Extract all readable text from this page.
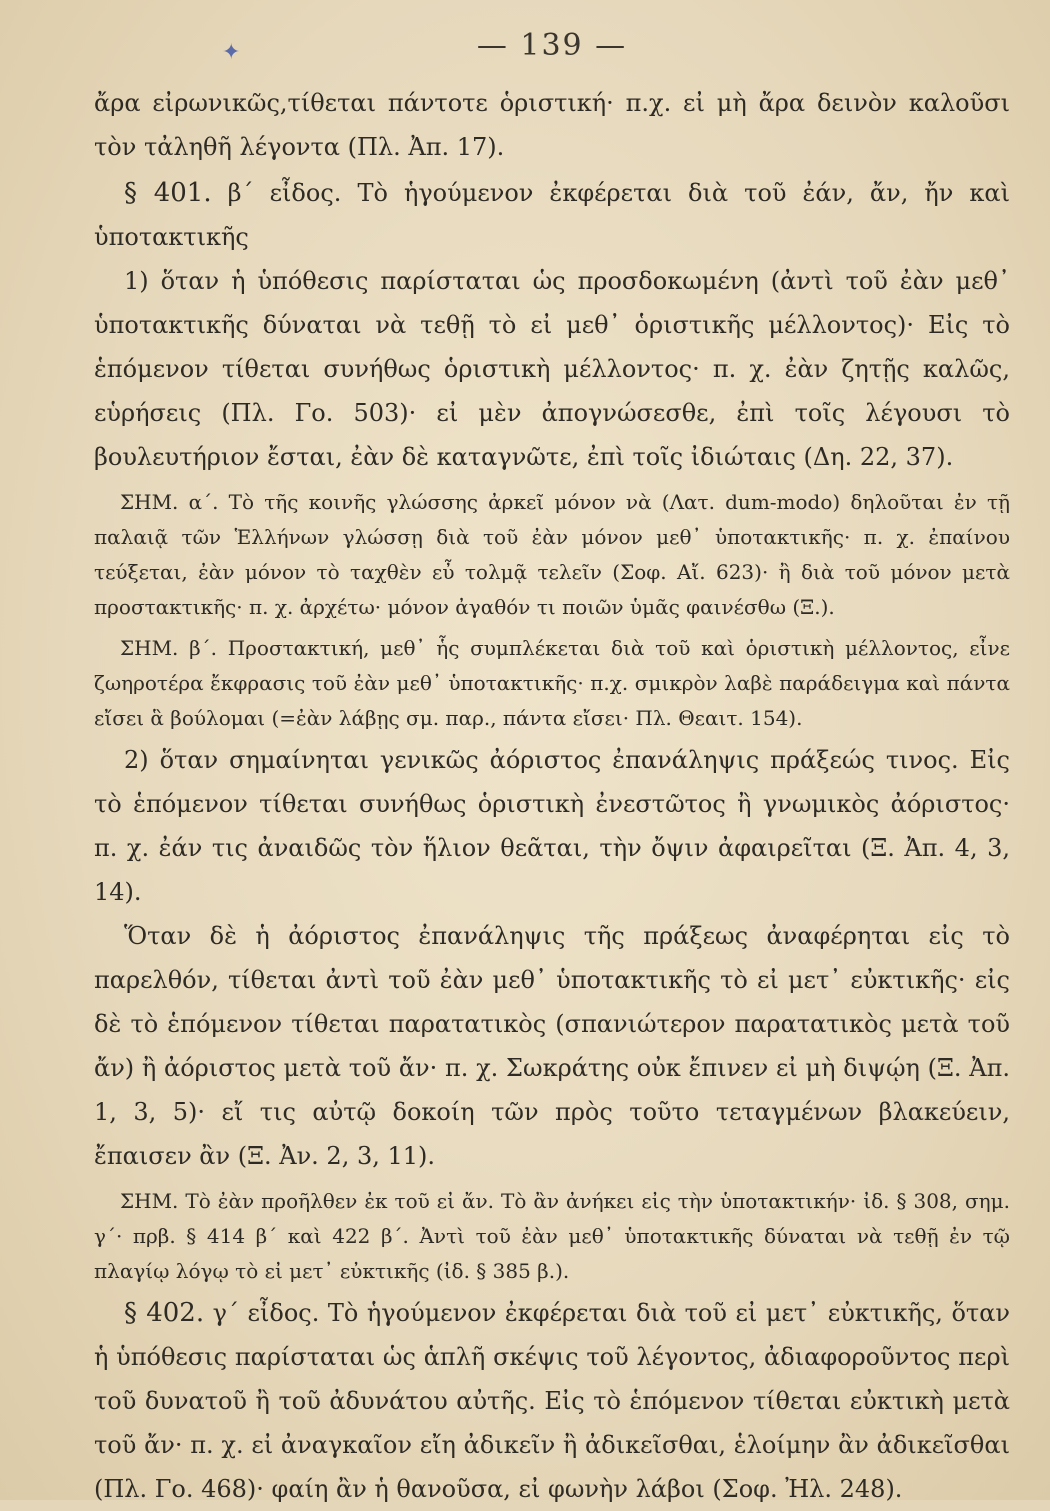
✦	— 139 —

ἄρα εἰρωνικῶς,τίθεται πάντοτε ὁριστική· π.χ. εἰ μὴ ἄρα δεινὸν καλοῦσι τὸν τἀληθῆ λέγοντα (Πλ. Ἀπ. 17).

§ 401. β΄ εἶδος. Τὸ ἡγούμενον ἐκφέρεται διὰ τοῦ ἐάν, ἄν, ἤν καὶ ὑποτακτικῆς

1) ὅταν ἡ ὑπόθεσις παρίσταται ὡς προσδοκωμένη (ἀντὶ τοῦ ἐὰν μεθ᾽ ὑποτακτικῆς δύναται νὰ τεθῇ τὸ εἰ μεθ᾽ ὁριστικῆς μέλλοντος)· Εἰς τὸ ἑπόμενον τίθεται συνήθως ὁριστικὴ μέλλοντος· π. χ. ἐὰν ζητῇς καλῶς, εὑρήσεις (Πλ. Γο. 503)· εἰ μὲν ἀπογνώσεσθε, ἐπὶ τοῖς λέγουσι τὸ βουλευτήριον ἔσται, ἐὰν δὲ καταγνῶτε, ἐπὶ τοῖς ἰδιώταις (Δη. 22, 37).

ΣΗΜ. α΄. Τὸ τῆς κοινῆς γλώσσης ἀρκεῖ μόνον νὰ (Λατ. dum-modo) δηλοῦται ἐν τῇ παλαιᾷ τῶν Ἑλλήνων γλώσσῃ διὰ τοῦ ἐὰν μόνον μεθ᾽ ὑποτακτικῆς· π. χ. ἐπαίνου τεύξεται, ἐὰν μόνον τὸ ταχθὲν εὖ τολμᾷ τελεῖν (Σοφ. Αἴ. 623)· ἢ διὰ τοῦ μόνον μετὰ προστακτικῆς· π. χ. ἀρχέτω· μόνον ἀγαθόν τι ποιῶν ὑμᾶς φαινέσθω (Ξ.).

ΣΗΜ. β΄. Προστακτική, μεθ᾽ ἧς συμπλέκεται διὰ τοῦ καὶ ὁριστικὴ μέλλοντος, εἶνε ζωηροτέρα ἔκφρασις τοῦ ἐὰν μεθ᾽ ὑποτακτικῆς· π.χ. σμικρὸν λαβὲ παράδειγμα καὶ πάντα εἴσει ἃ βούλομαι (=ἐὰν λάβῃς σμ. παρ., πάντα εἴσει· Πλ. Θεαιτ. 154).

2) ὅταν σημαίνηται γενικῶς ἀόριστος ἐπανάληψις πράξεώς τινος. Εἰς τὸ ἑπόμενον τίθεται συνήθως ὁριστικὴ ἐνεστῶτος ἢ γνωμικὸς ἀόριστος· π. χ. ἐάν τις ἀναιδῶς τὸν ἥλιον θεᾶται, τὴν ὄψιν ἀφαιρεῖται (Ξ. Ἀπ. 4, 3, 14).

Ὅταν δὲ ἡ ἀόριστος ἐπανάληψις τῆς πράξεως ἀναφέρηται εἰς τὸ παρελθόν, τίθεται ἀντὶ τοῦ ἐὰν μεθ᾽ ὑποτακτικῆς τὸ εἰ μετ᾽ εὐκτικῆς· εἰς δὲ τὸ ἑπόμενον τίθεται παρατατικὸς (σπανιώτερον παρατατικὸς μετὰ τοῦ ἄν) ἢ ἀόριστος μετὰ τοῦ ἄν· π. χ. Σωκράτης οὐκ ἔπινεν εἰ μὴ διψῴη (Ξ. Ἀπ. 1, 3, 5)· εἴ τις αὐτῷ δοκοίη τῶν πρὸς τοῦτο τεταγμένων βλακεύειν, ἔπαισεν ἂν (Ξ. Ἀν. 2, 3, 11).

ΣΗΜ. Τὸ ἐὰν προῆλθεν ἐκ τοῦ εἰ ἄν. Τὸ ἂν ἀνήκει εἰς τὴν ὑποτακτικήν· ἰδ. § 308, σημ. γ΄· πρβ. § 414 β΄ καὶ 422 β΄. Ἀντὶ τοῦ ἐὰν μεθ᾽ ὑποτακτικῆς δύναται νὰ τεθῇ ἐν τῷ πλαγίῳ λόγῳ τὸ εἰ μετ᾽ εὐκτικῆς (ἰδ. § 385 β.).

§ 402. γ΄ εἶδος. Τὸ ἡγούμενον ἐκφέρεται διὰ τοῦ εἰ μετ᾽ εὐκτικῆς, ὅταν ἡ ὑπόθεσις παρίσταται ὡς ἁπλῆ σκέψις τοῦ λέγοντος, ἀδιαφοροῦντος περὶ τοῦ δυνατοῦ ἢ τοῦ ἀδυνάτου αὐτῆς. Εἰς τὸ ἑπόμενον τίθεται εὐκτικὴ μετὰ τοῦ ἄν· π. χ. εἰ ἀναγκαῖον εἴη ἀδικεῖν ἢ ἀδικεῖσθαι, ἑλοίμην ἂν ἀδικεῖσθαι (Πλ. Γο. 468)· φαίη ἂν ἡ θανοῦσα, εἰ φωνὴν λάβοι (Σοφ. Ἠλ. 248).
